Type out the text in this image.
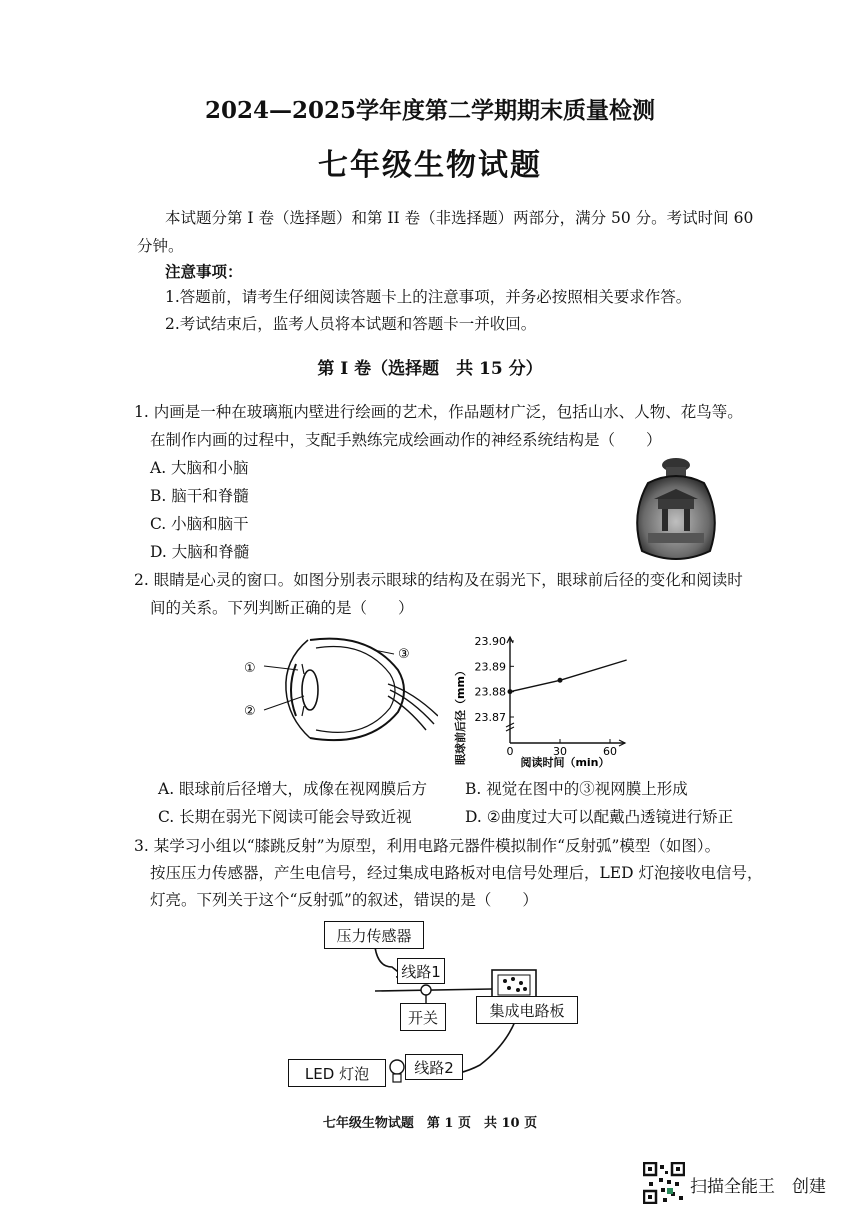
2024—2025学年度第二学期期末质量检测
七年级生物试题
本试题分第 I 卷（选择题）和第 II 卷（非选择题）两部分，满分 50 分。考试时间 60
分钟。
注意事项：
1.答题前，请考生仔细阅读答题卡上的注意事项，并务必按照相关要求作答。
2.考试结束后，监考人员将本试题和答题卡一并收回。
第 I 卷（选择题　共 15 分）
1. 内画是一种在玻璃瓶内壁进行绘画的艺术，作品题材广泛，包括山水、人物、花鸟等。
在制作内画的过程中，支配手熟练完成绘画动作的神经系统结构是（　　）
A. 大脑和小脑
B. 脑干和脊髓
C. 小脑和脑干
D. 大脑和脊髓
2. 眼睛是心灵的窗口。如图分别表示眼球的结构及在弱光下，眼球前后径的变化和阅读时
间的关系。下列判断正确的是（　　）
①
②
③
眼球前后径（mm） 23.87
23.88
23.89
23.90
0	30	60
阅读时间（min）
A. 眼球前后径增大，成像在视网膜后方 B. 视觉在图中的③视网膜上形成
C. 长期在弱光下阅读可能会导致近视	D. ②曲度过大可以配戴凸透镜进行矫正
3. 某学习小组以“膝跳反射”为原型，利用电路元器件模拟制作“反射弧”模型（如图）。
按压压力传感器，产生电信号，经过集成电路板对电信号处理后，LED 灯泡接收电信号，
灯亮。下列关于这个“反射弧”的叙述，错误的是（　　）
压力传感器
线路1
开关	集成电路板
LED 灯泡	线路2
七年级生物试题　第 1 页　共 10 页
扫描全能王　创建
